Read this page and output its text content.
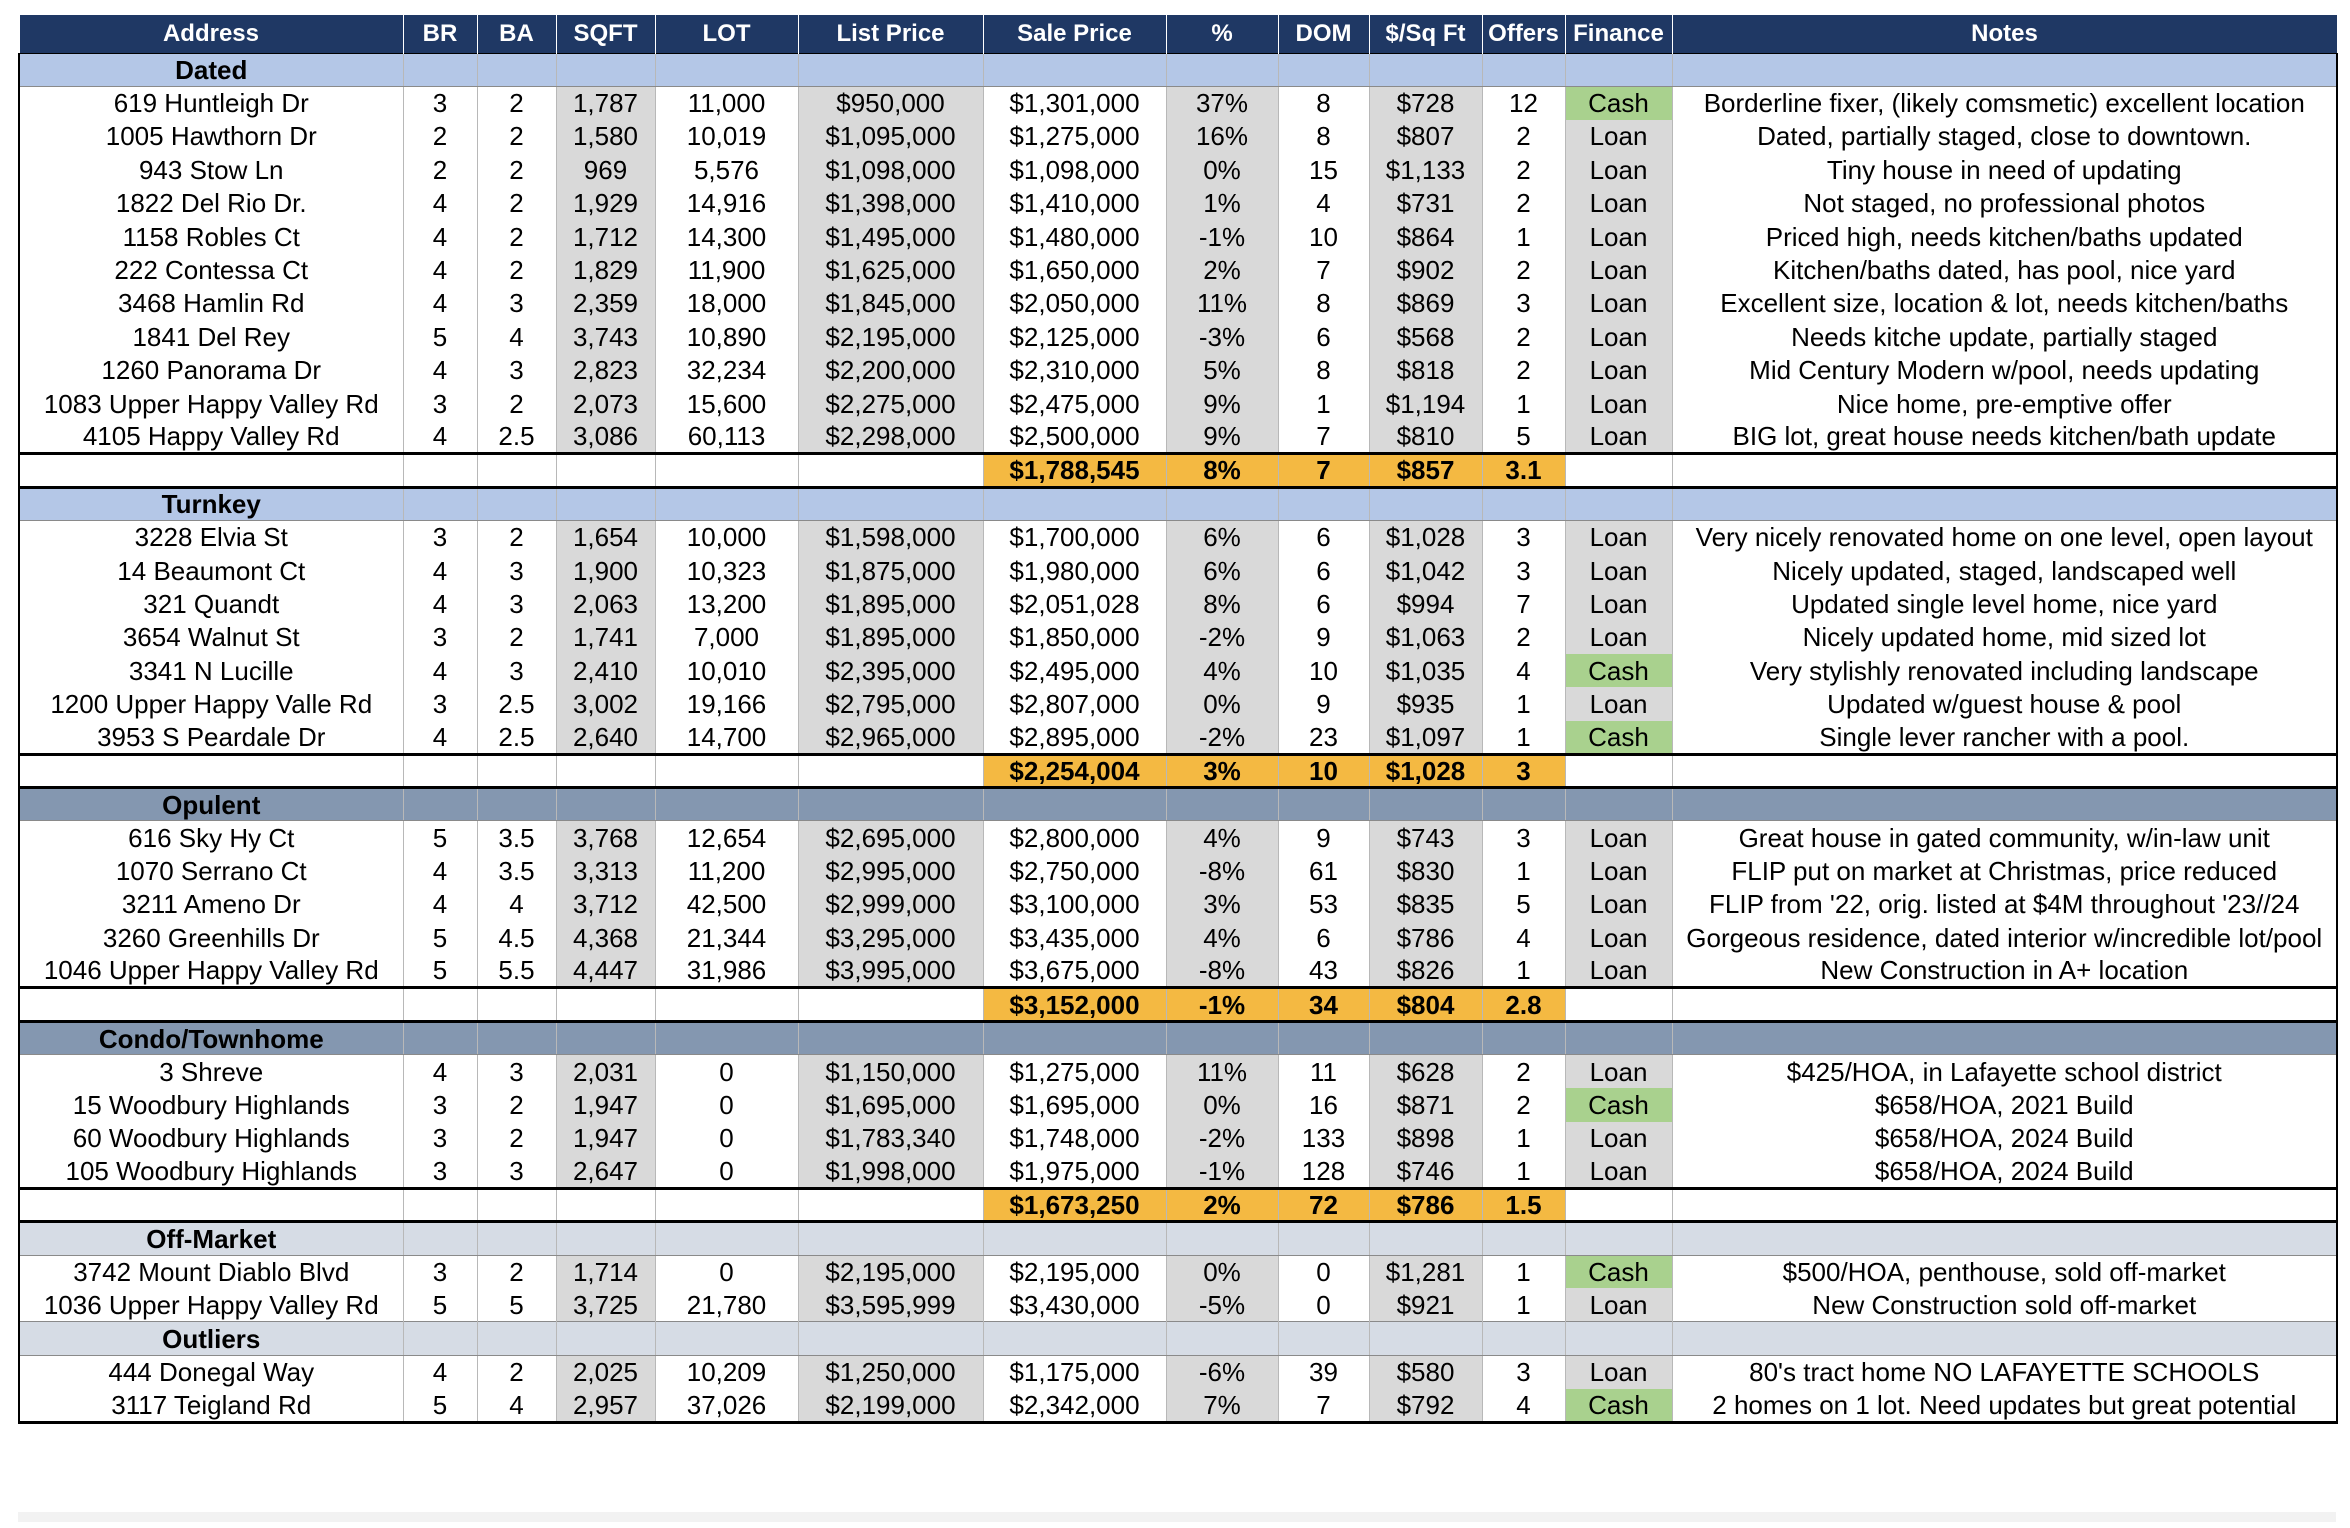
Address	BR	BA	SQFT	LOT	List Price	Sale Price	%	DOM	$/Sq Ft	Offers	Finance	Notes
Dated												
619 Huntleigh Dr	3	2	1,787	11,000	$950,000	$1,301,000	37%	8	$728	12	Cash	Borderline fixer, (likely comsmetic) excellent location
1005 Hawthorn Dr	2	2	1,580	10,019	$1,095,000	$1,275,000	16%	8	$807	2	Loan	Dated, partially staged, close to downtown.
943 Stow Ln	2	2	969	5,576	$1,098,000	$1,098,000	0%	15	$1,133	2	Loan	Tiny house in need of updating
1822 Del Rio Dr.	4	2	1,929	14,916	$1,398,000	$1,410,000	1%	4	$731	2	Loan	Not staged, no professional photos
1158 Robles Ct	4	2	1,712	14,300	$1,495,000	$1,480,000	-1%	10	$864	1	Loan	Priced high, needs kitchen/baths updated
222 Contessa Ct	4	2	1,829	11,900	$1,625,000	$1,650,000	2%	7	$902	2	Loan	Kitchen/baths dated, has pool, nice yard
3468 Hamlin Rd	4	3	2,359	18,000	$1,845,000	$2,050,000	11%	8	$869	3	Loan	Excellent size, location & lot, needs kitchen/baths
1841 Del Rey	5	4	3,743	10,890	$2,195,000	$2,125,000	-3%	6	$568	2	Loan	Needs kitche update, partially staged
1260 Panorama Dr	4	3	2,823	32,234	$2,200,000	$2,310,000	5%	8	$818	2	Loan	Mid Century Modern w/pool, needs updating
1083 Upper Happy Valley Rd	3	2	2,073	15,600	$2,275,000	$2,475,000	9%	1	$1,194	1	Loan	Nice home, pre-emptive offer
4105 Happy Valley Rd	4	2.5	3,086	60,113	$2,298,000	$2,500,000	9%	7	$810	5	Loan	BIG lot, great house needs kitchen/bath update
						$1,788,545	8%	7	$857	3.1		
Turnkey												
3228 Elvia St	3	2	1,654	10,000	$1,598,000	$1,700,000	6%	6	$1,028	3	Loan	Very nicely renovated home on one level, open layout
14 Beaumont Ct	4	3	1,900	10,323	$1,875,000	$1,980,000	6%	6	$1,042	3	Loan	Nicely updated, staged, landscaped well
321 Quandt	4	3	2,063	13,200	$1,895,000	$2,051,028	8%	6	$994	7	Loan	Updated single level home, nice yard
3654 Walnut St	3	2	1,741	7,000	$1,895,000	$1,850,000	-2%	9	$1,063	2	Loan	Nicely updated home, mid sized lot
3341 N Lucille	4	3	2,410	10,010	$2,395,000	$2,495,000	4%	10	$1,035	4	Cash	Very stylishly renovated including landscape
1200 Upper Happy Valle Rd	3	2.5	3,002	19,166	$2,795,000	$2,807,000	0%	9	$935	1	Loan	Updated w/guest house & pool
3953 S Peardale Dr	4	2.5	2,640	14,700	$2,965,000	$2,895,000	-2%	23	$1,097	1	Cash	Single lever rancher with a pool.
						$2,254,004	3%	10	$1,028	3		
Opulent												
616 Sky Hy Ct	5	3.5	3,768	12,654	$2,695,000	$2,800,000	4%	9	$743	3	Loan	Great house in gated community, w/in-law unit
1070 Serrano Ct	4	3.5	3,313	11,200	$2,995,000	$2,750,000	-8%	61	$830	1	Loan	FLIP put on market at Christmas, price reduced
3211 Ameno Dr	4	4	3,712	42,500	$2,999,000	$3,100,000	3%	53	$835	5	Loan	FLIP from '22, orig. listed at $4M throughout '23//24
3260 Greenhills Dr	5	4.5	4,368	21,344	$3,295,000	$3,435,000	4%	6	$786	4	Loan	Gorgeous residence, dated interior w/incredible lot/pool
1046 Upper Happy Valley Rd	5	5.5	4,447	31,986	$3,995,000	$3,675,000	-8%	43	$826	1	Loan	New Construction in A+ location
						$3,152,000	-1%	34	$804	2.8		
Condo/Townhome												
3 Shreve	4	3	2,031	0	$1,150,000	$1,275,000	11%	11	$628	2	Loan	$425/HOA, in Lafayette school district
15 Woodbury Highlands	3	2	1,947	0	$1,695,000	$1,695,000	0%	16	$871	2	Cash	$658/HOA, 2021 Build
60 Woodbury Highlands	3	2	1,947	0	$1,783,340	$1,748,000	-2%	133	$898	1	Loan	$658/HOA, 2024 Build
105 Woodbury Highlands	3	3	2,647	0	$1,998,000	$1,975,000	-1%	128	$746	1	Loan	$658/HOA, 2024 Build
						$1,673,250	2%	72	$786	1.5		
Off-Market												
3742 Mount Diablo Blvd	3	2	1,714	0	$2,195,000	$2,195,000	0%	0	$1,281	1	Cash	$500/HOA, penthouse, sold off-market
1036 Upper Happy Valley Rd	5	5	3,725	21,780	$3,595,999	$3,430,000	-5%	0	$921	1	Loan	New Construction sold off-market
Outliers												
444 Donegal Way	4	2	2,025	10,209	$1,250,000	$1,175,000	-6%	39	$580	3	Loan	80's tract home NO LAFAYETTE SCHOOLS
3117 Teigland Rd	5	4	2,957	37,026	$2,199,000	$2,342,000	7%	7	$792	4	Cash	2 homes on 1 lot. Need updates but great potential
